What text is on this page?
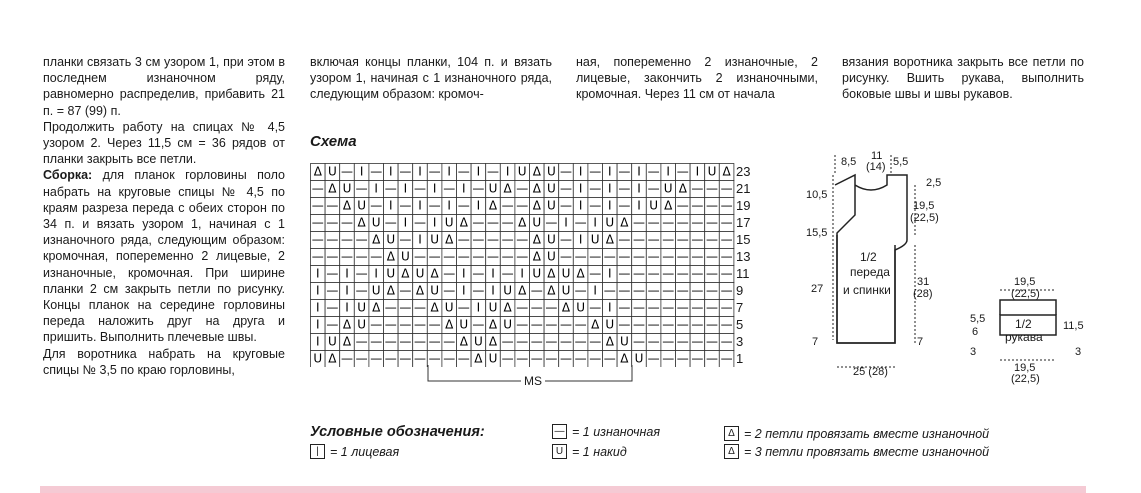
планки связать 3 см узором 1, при этом в последнем изнаночном ряду, равномерно распределив, прибавить 21 п. = 87 (99) п.

Продолжить работу на спицах № 4,5 узором 2. Через 11,5 см = 36 рядов от планки закрыть все петли.

Сборка: для планок горловины поло набрать на круговые спицы № 4,5 по краям разреза переда с обеих сторон по 34 п. и вязать узором 1, начиная с 1 изнаночного ряда, следующим образом: кромочная, попеременно 2 лицевые, 2 изнаночные, кромочная. При ширине планки 2 см закрыть петли по рисунку. Концы планок на середине горловины переда наложить друг на друга и пришить. Выполнить плечевые швы.

Для воротника набрать на круговые спицы № 3,5 по краю горловины,

включая концы планки, 104 п. и вязать узором 1, начиная с 1 изнаночного ряда, следующим образом: кромоч-

ная, попеременно 2 изнаночные, 2 лицевые, закончить 2 изнаночными, кромочная. Через 11 см от начала

вязания воротника закрыть все петли по рисунку. Вшить рукава, выполнить боковые швы и швы рукавов.

Схема
Δ U — I — I — I — I — I — I U Δ U — I — I — I — I — I U Δ
— Δ U — I — I — I — I — U Δ — Δ U — I — I — I — U Δ — — —
— — Δ U — I — I — I — I Δ — — Δ U — I — I — I U Δ — — — —
— — — Δ U — I — I U Δ — — — Δ U — I — I U Δ — — — — — — —
— — — — Δ U — I U Δ — — — — — Δ U — I U Δ — — — — — — — —
— — — — — Δ U — — — — — — — — Δ U — — — — — — — — — — — —
I — I — I U Δ U Δ — I — I — I U Δ U Δ — I — — — — — — — —
I — I — U Δ — Δ U — I — I U Δ — Δ U — I — — — — — — — — —
I — I U Δ — — — Δ U — I U Δ — — — Δ U — I — — — — — — — —
I — Δ U — — — — — Δ U — Δ U — — — — — Δ U — — — — — — — —
I U Δ — — — — — — — Δ U Δ — — — — — — — Δ U — — — — — — —
U Δ — — — — — — — — — Δ U — — — — — — — — Δ U — — — — — —
MS
8,5 11
(14) 5,5
10,5
15,5
27
7
2,5
19,5
(22,5)
31
(28)
7
25 (28)
1/2
переда
и спинки
1/2
рукава
19,5
(22,5)
19,5
(22,5)
5,5
6
3
11,5
3
Условные обозначения:
| = 1 лицевая
— = 1 изнаночная
U = 1 накид
Δ = 2 петли провязать вместе изнаночной
Δ = 3 петли провязать вместе изнаночной
23
21
19
17
15
13
11
9
7
5
3
1
